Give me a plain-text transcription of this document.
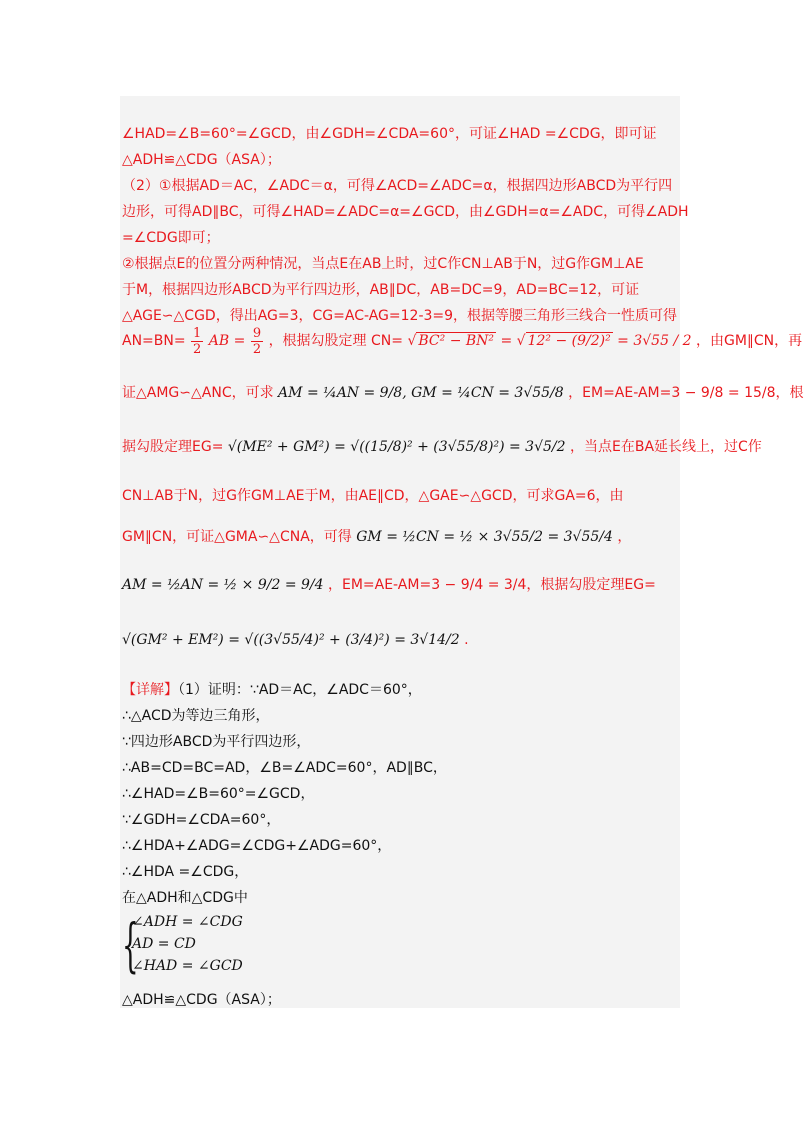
∠HAD=∠B=60°=∠GCD，由∠GDH=∠CDA=60°，可证∠HAD =∠CDG，即可证
△ADH≌△CDG（ASA）；
（2）①根据AD＝AC，∠ADC＝α，可得∠ACD=∠ADC=α，根据四边形ABCD为平行四
边形，可得AD∥BC，可得∠HAD=∠ADC=α=∠GCD，由∠GDH=α=∠ADC，可得∠ADH
=∠CDG即可；
②根据点E的位置分两种情况，当点E在AB上时，过C作CN⊥AB于N，过G作GM⊥AE
于M，根据四边形ABCD为平行四边形，AB∥DC，AB=DC=9，AD=BC=12，可证
△AGE∽△CGD，得出AG=3，CG=AC-AG=12-3=9，根据等腰三角形三线合一性质可得
$AN=BN= \frac{1}{2}$ AB = $\frac{9}{2}$ ，根据勾股定理 CN= √ BC² − BN² = √ 12² − (9/2)² = 3√55 / 2 ，由GM∥CN，再
证△AMG∽△ANC，可求 AM = ¼AN = 9/8, GM = ¼CN = 3√55/8 ，EM=AE-AM=3 − 9/8 = 15/8，根
据勾股定理EG= √(ME² + GM²) = √((15/8)² + (3√55/8)²) = 3√5/2 ，当点E在BA延长线上，过C作
CN⊥AB于N，过G作GM⊥AE于M，由AE∥CD，△GAE∽△GCD，可求GA=6，由
GM∥CN，可证△GMA∽△CNA，可得 GM = ½CN = ½ × 3√55/2 = 3√55/4 ，
AM = ½AN = ½ × 9/2 = 9/4 ，EM=AE-AM=3 − 9/4 = 3/4，根据勾股定理EG=
√(GM² + EM²) = √((3√55/4)² + (3/4)²) = 3√14/2 .
【详解】（1）证明：∵AD＝AC，∠ADC＝60°，
∴△ACD为等边三角形，
∵四边形ABCD为平行四边形，
∴AB=CD=BC=AD，∠B=∠ADC=60°，AD∥BC，
∴∠HAD=∠B=60°=∠GCD，
∵∠GDH=∠CDA=60°，
∴∠HDA+∠ADG=∠CDG+∠ADG=60°，
∴∠HDA =∠CDG，
在△ADH和△CDG中
{
∠ADH = ∠CDG
AD = CD
∠HAD = ∠GCD
△ADH≌△CDG（ASA）；
